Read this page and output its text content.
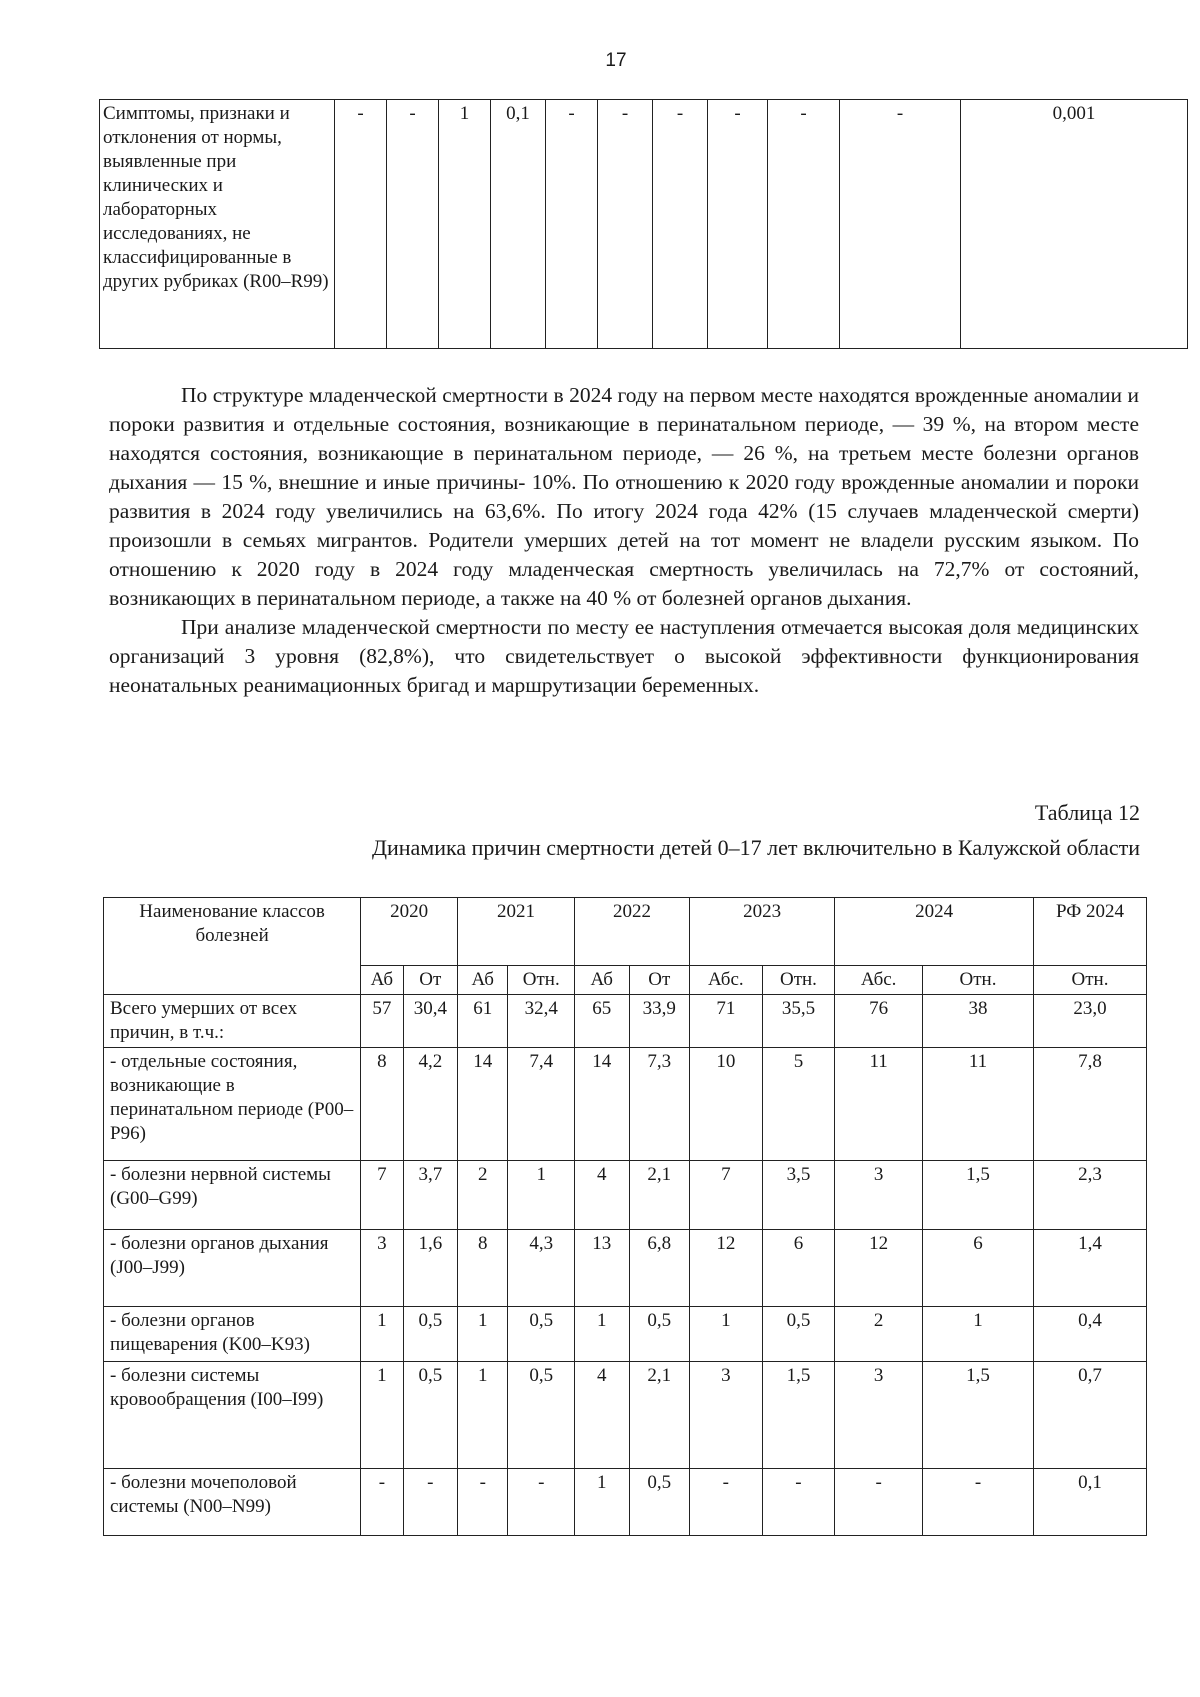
17
Симптомы, признаки и отклонения от нормы, выявленные при клинических и лабораторных исследованиях, не классифицированные в других рубриках (R00–R99)	-	-	1	0,1	-	-	-	-	-	-	0,001

По структуре младенческой смертности в 2024 году на первом месте находятся врожденные аномалии и пороки развития и отдельные состояния, возникающие в перинатальном периоде, — 39 %, на втором месте находятся состояния, возникающие в перинатальном периоде, — 26 %, на третьем месте болезни органов дыхания — 15 %, внешние и иные причины- 10%. По отношению к 2020 году врожденные аномалии и пороки развития в 2024 году увеличились на 63,6%. По итогу 2024 года 42% (15 случаев младенческой смерти) произошли в семьях мигрантов. Родители умерших детей на тот момент не владели русским языком. По отношению к 2020 году в 2024 году младенческая смертность увеличилась на 72,7% от состояний, возникающих в перинатальном периоде, а также на 40 % от болезней органов дыхания.

При анализе младенческой смертности по месту ее наступления отмечается высокая доля медицинских организаций 3 уровня (82,8%), что свидетельствует о высокой эффективности функционирования неонатальных реанимационных бригад и маршрутизации беременных.

Таблица 12
Динамика причин смертности детей 0–17 лет включительно в Калужской области
Наименование классов болезней	2020		2021		2022		2023		2024		РФ 2024
	Аб	От	Аб	Отн.	Аб	От	Абс.	Отн.	Абс.	Отн.	Отн.
Всего умерших от всех причин, в т.ч.:	57	30,4	61	32,4	65	33,9	71	35,5	76	38	23,0
- отдельные состояния, возникающие в перинатальном периоде (P00–P96)	8	4,2	14	7,4	14	7,3	10	5	11	11	7,8
- болезни нервной системы (G00–G99)	7	3,7	2	1	4	2,1	7	3,5	3	1,5	2,3
- болезни органов дыхания (J00–J99)	3	1,6	8	4,3	13	6,8	12	6	12	6	1,4
- болезни органов пищеварения (K00–K93)	1	0,5	1	0,5	1	0,5	1	0,5	2	1	0,4
- болезни системы кровообращения (I00–I99)	1	0,5	1	0,5	4	2,1	3	1,5	3	1,5	0,7
- болезни мочеполовой системы (N00–N99)	-	-	-	-	1	0,5	-	-	-	-	0,1
